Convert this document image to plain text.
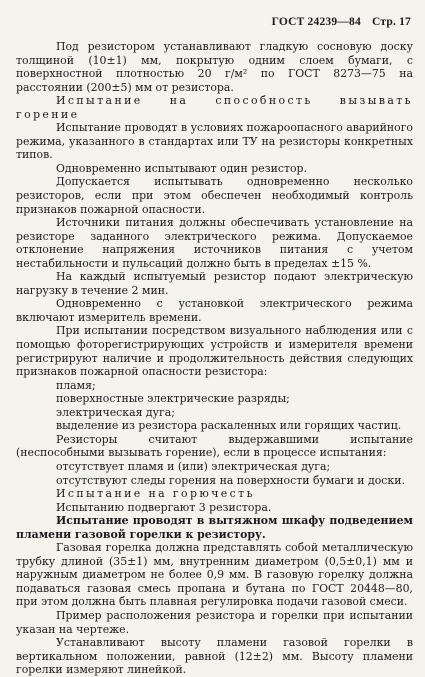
ГОСТ 24239—84 Стр. 17

Под резистором устанавливают гладкую сосновую доску толщиной (10±1) мм, покрытую одним слоем бумаги, с поверхностной плотностью 20 г/м² по ГОСТ 8273—75 на расстоянии (200±5) мм от резистора.

Испытание на способность вызывать горение

Испытание проводят в условиях пожароопасного аварийного режима, указанного в стандартах или ТУ на резисторы конкретных типов.

Одновременно испытывают один резистор.

Допускается испытывать одновременно несколько резисторов, если при этом обеспечен необходимый контроль признаков пожарной опасности.

Источники питания должны обеспечивать установление на резисторе заданного электрического режима. Допускаемое отклонение напряжения источников питания с учетом нестабильности и пульсаций должно быть в пределах ±15 %.

На каждый испытуемый резистор подают электрическую нагрузку в течение 2 мин.

Одновременно с установкой электрического режима включают измеритель времени.

При испытании посредством визуального наблюдения или с помощью фоторегистрирующих устройств и измерителя времени регистрируют наличие и продолжительность действия следующих признаков пожарной опасности резистора:

пламя;
поверхностные электрические разряды;
электрическая дуга;
выделение из резистора раскаленных или горящих частиц.

Резисторы считают выдержавшими испытание (неспособными вызывать горение), если в процессе испытания:

отсутствует пламя и (или) электрическая дуга;
отсутствуют следы горения на поверхности бумаги и доски.

Испытание на горючесть

Испытанию подвергают 3 резистора.

Испытание проводят в вытяжном шкафу подведением пламени газовой горелки к резистору.

Газовая горелка должна представлять собой металлическую трубку длиной (35±1) мм, внутренним диаметром (0,5±0,1) мм и наружным диаметром не более 0,9 мм. В газовую горелку должна подаваться газовая смесь пропана и бутана по ГОСТ 20448—80, при этом должна быть плавная регулировка подачи газовой смеси.

Пример расположения резистора и горелки при испытании указан на чертеже.

Устанавливают высоту пламени газовой горелки в вертикальном положении, равной (12±2) мм. Высоту пламени горелки измеряют линейкой.
